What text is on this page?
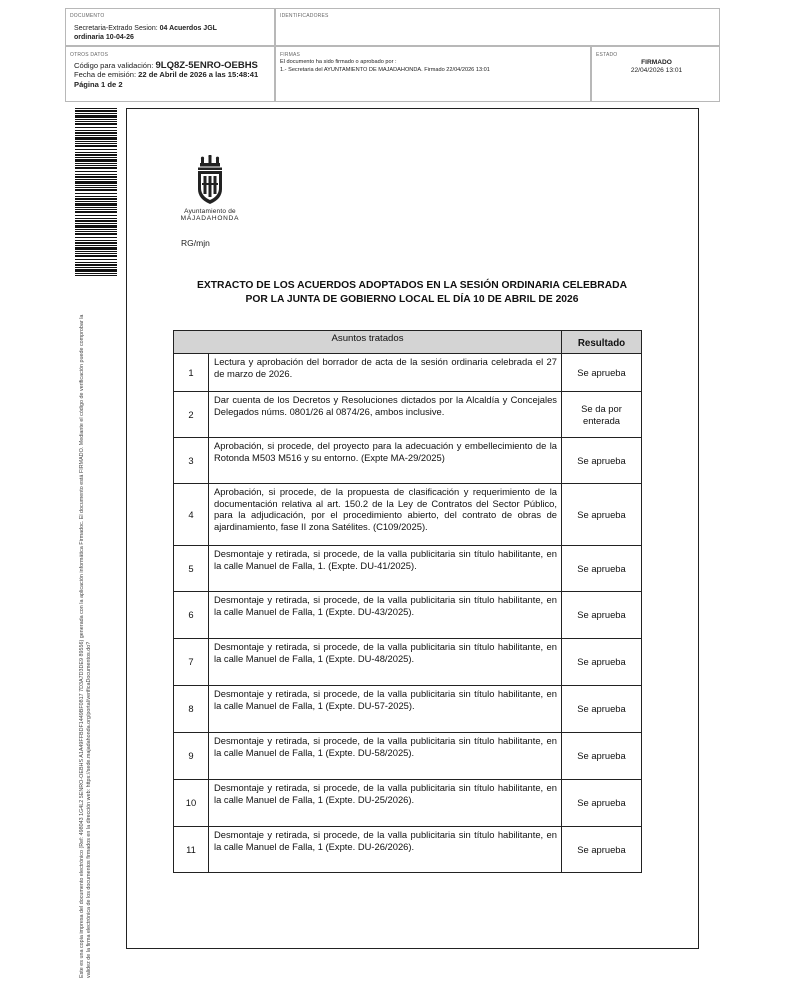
DOCUMENTO
Secretaria-Extrado Sesion: 04 Acuerdos JGL
ordinaria 10-04-26
IDENTIFICADORES
OTROS DATOS
Código para validación: 9LQ8Z-5ENRO-OEBHS
Fecha de emisión: 22 de Abril de 2026 a las 15:48:41
Página 1 de 2
FIRMAS
El documento ha sido firmado o aprobado por :
1.- Secretaria del AYUNTAMIENTO DE MAJADAHONDA. Firmado 22/04/2026 13:01
ESTADO
FIRMADO
22/04/2026 13:01
Este es una copia impresa del documento electrónico (Ref: 498043 1G4L2 5ENRO-OEBHS A1A49FFBDF1449BF0817 7D3A7D3DE9 89556) generada con la aplicación informática Firmadoc. El documento está FIRMADO. Mediante el código de verificación puede comprobar la validez de la firma electrónica de los documentos firmados en la dirección web: https://sede.majadahonda.org/portal/verificaDocumentos.do?
Ayuntamiento de
MAJADAHONDA
RG/mjn
EXTRACTO DE LOS ACUERDOS ADOPTADOS EN LA SESIÓN ORDINARIA CELEBRADA
POR LA JUNTA DE GOBIERNO LOCAL EL DÍA 10 DE ABRIL DE 2026
Asuntos tratados		Resultado

1	Lectura y aprobación del borrador de acta de la sesión ordinaria celebrada el 27 de marzo de 2026.	Se aprueba
2	Dar cuenta de los Decretos y Resoluciones dictados por la Alcaldía y Concejales Delegados núms. 0801/26 al 0874/26, ambos inclusive.	Se da por enterada
3	Aprobación, si procede, del proyecto para la adecuación y embellecimiento de la Rotonda M503 M516 y su entorno. (Expte MA-29/2025)	Se aprueba
4	Aprobación, si procede, de la propuesta de clasificación y requerimiento de la documentación relativa al art. 150.2 de la Ley de Contratos del Sector Público, para la adjudicación, por el procedimiento abierto, del contrato de obras de ajardinamiento, fase II zona Satélites. (C109/2025).	Se aprueba
5	Desmontaje y retirada, si procede, de la valla publicitaria sin título habilitante, en la calle Manuel de Falla, 1. (Expte. DU-41/2025).	Se aprueba
6	Desmontaje y retirada, si procede, de la valla publicitaria sin título habilitante, en la calle Manuel de Falla, 1 (Expte. DU-43/2025).	Se aprueba
7	Desmontaje y retirada, si procede, de la valla publicitaria sin título habilitante, en la calle Manuel de Falla, 1 (Expte. DU-48/2025).	Se aprueba
8	Desmontaje y retirada, si procede, de la valla publicitaria sin título habilitante, en la calle Manuel de Falla, 1 (Expte. DU-57-2025).	Se aprueba
9	Desmontaje y retirada, si procede, de la valla publicitaria sin título habilitante, en la calle Manuel de Falla, 1 (Expte. DU-58/2025).	Se aprueba
10	Desmontaje y retirada, si procede, de la valla publicitaria sin título habilitante, en la calle Manuel de Falla, 1 (Expte. DU-25/2026).	Se aprueba
11	Desmontaje y retirada, si procede, de la valla publicitaria sin título habilitante, en la calle Manuel de Falla, 1 (Expte. DU-26/2026).	Se aprueba
